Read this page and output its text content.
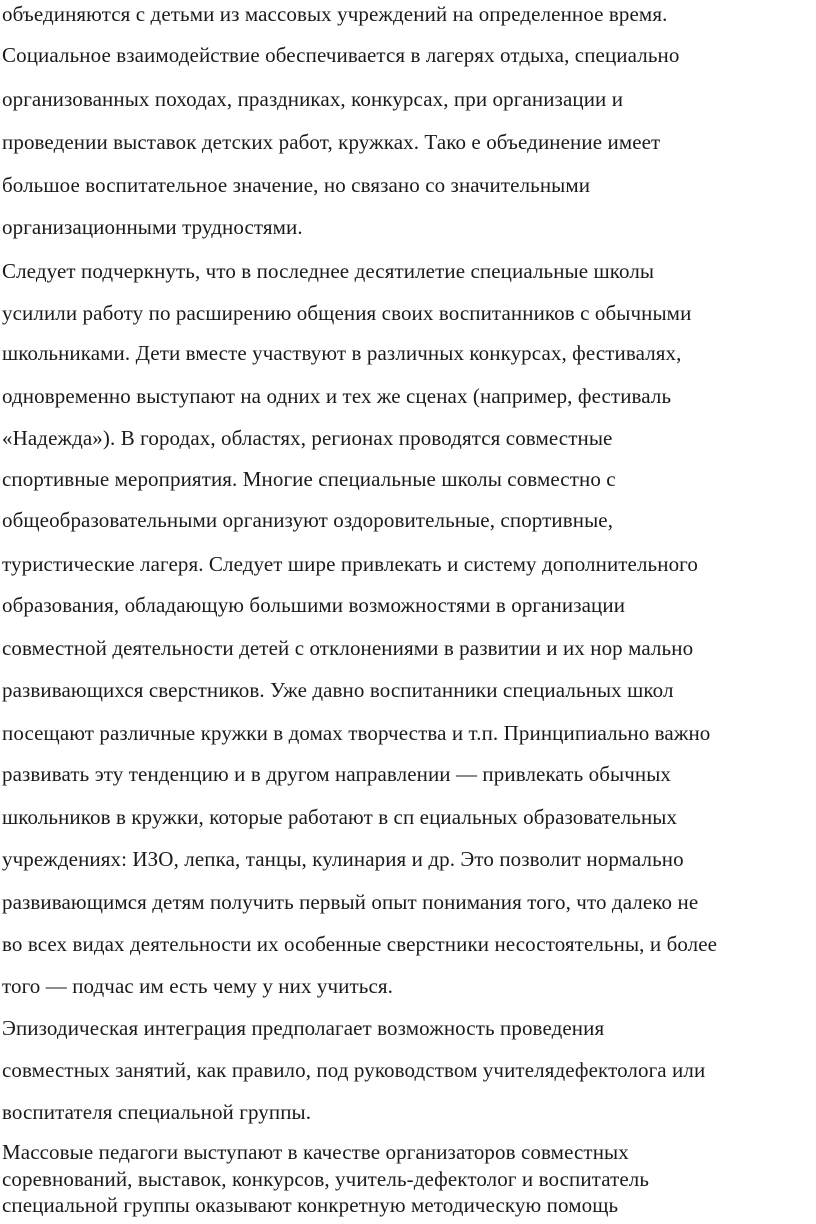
объединяются с детьми из массовых учреждений на определенное время.
Социальное взаимодействие обеспечивается в лагерях отдыха, специально
организованных походах, праздниках, конкурсах, при организации и
проведении выставок детских работ, кружках. Тако е объединение имеет
большое воспитательное значение, но связано со значительными
организационными трудностями.
Следует подчеркнуть, что в последнее десятилетие специальные школы
усилили работу по расширению общения своих воспитанников с обычными
школьниками. Дети вместе участвуют в различных конкурсах, фестивалях,
одновременно выступают на одних и тех же сценах (например, фестиваль
«Надежда»). В городах, областях, регионах проводятся совместные
спортивные мероприятия. Многие специальные школы совместно с
общеобразовательными организуют оздоровительные, спортивные,
туристические лагеря. Следует шире привлекать и систему дополнительного
образования, обладающую большими возможностями в организации
совместной деятельности детей с отклонениями в развитии и их нор мально
развивающихся сверстников. Уже давно воспитанники специальных школ
посещают различные кружки в домах творчества и т.п. Принципиально важно
развивать эту тенденцию и в другом направлении — привлекать обычных
школьников в кружки, которые работают в сп ециальных образовательных
учреждениях: ИЗО, лепка, танцы, кулинария и др. Это позволит нормально
развивающимся детям получить первый опыт понимания того, что далеко не
во всех видах деятельности их особенные сверстники несостоятельны, и более
того — подчас им есть чему у них учиться.
Эпизодическая интеграция предполагает возможность проведения
совместных занятий, как правило, под руководством учителядефектолога или
воспитателя специальной группы.
Массовые педагоги выступают в качестве организаторов совместных
соревнований, выставок, конкурсов, учитель-дефектолог и воспитатель
специальной группы оказывают конкретную методическую помощь
